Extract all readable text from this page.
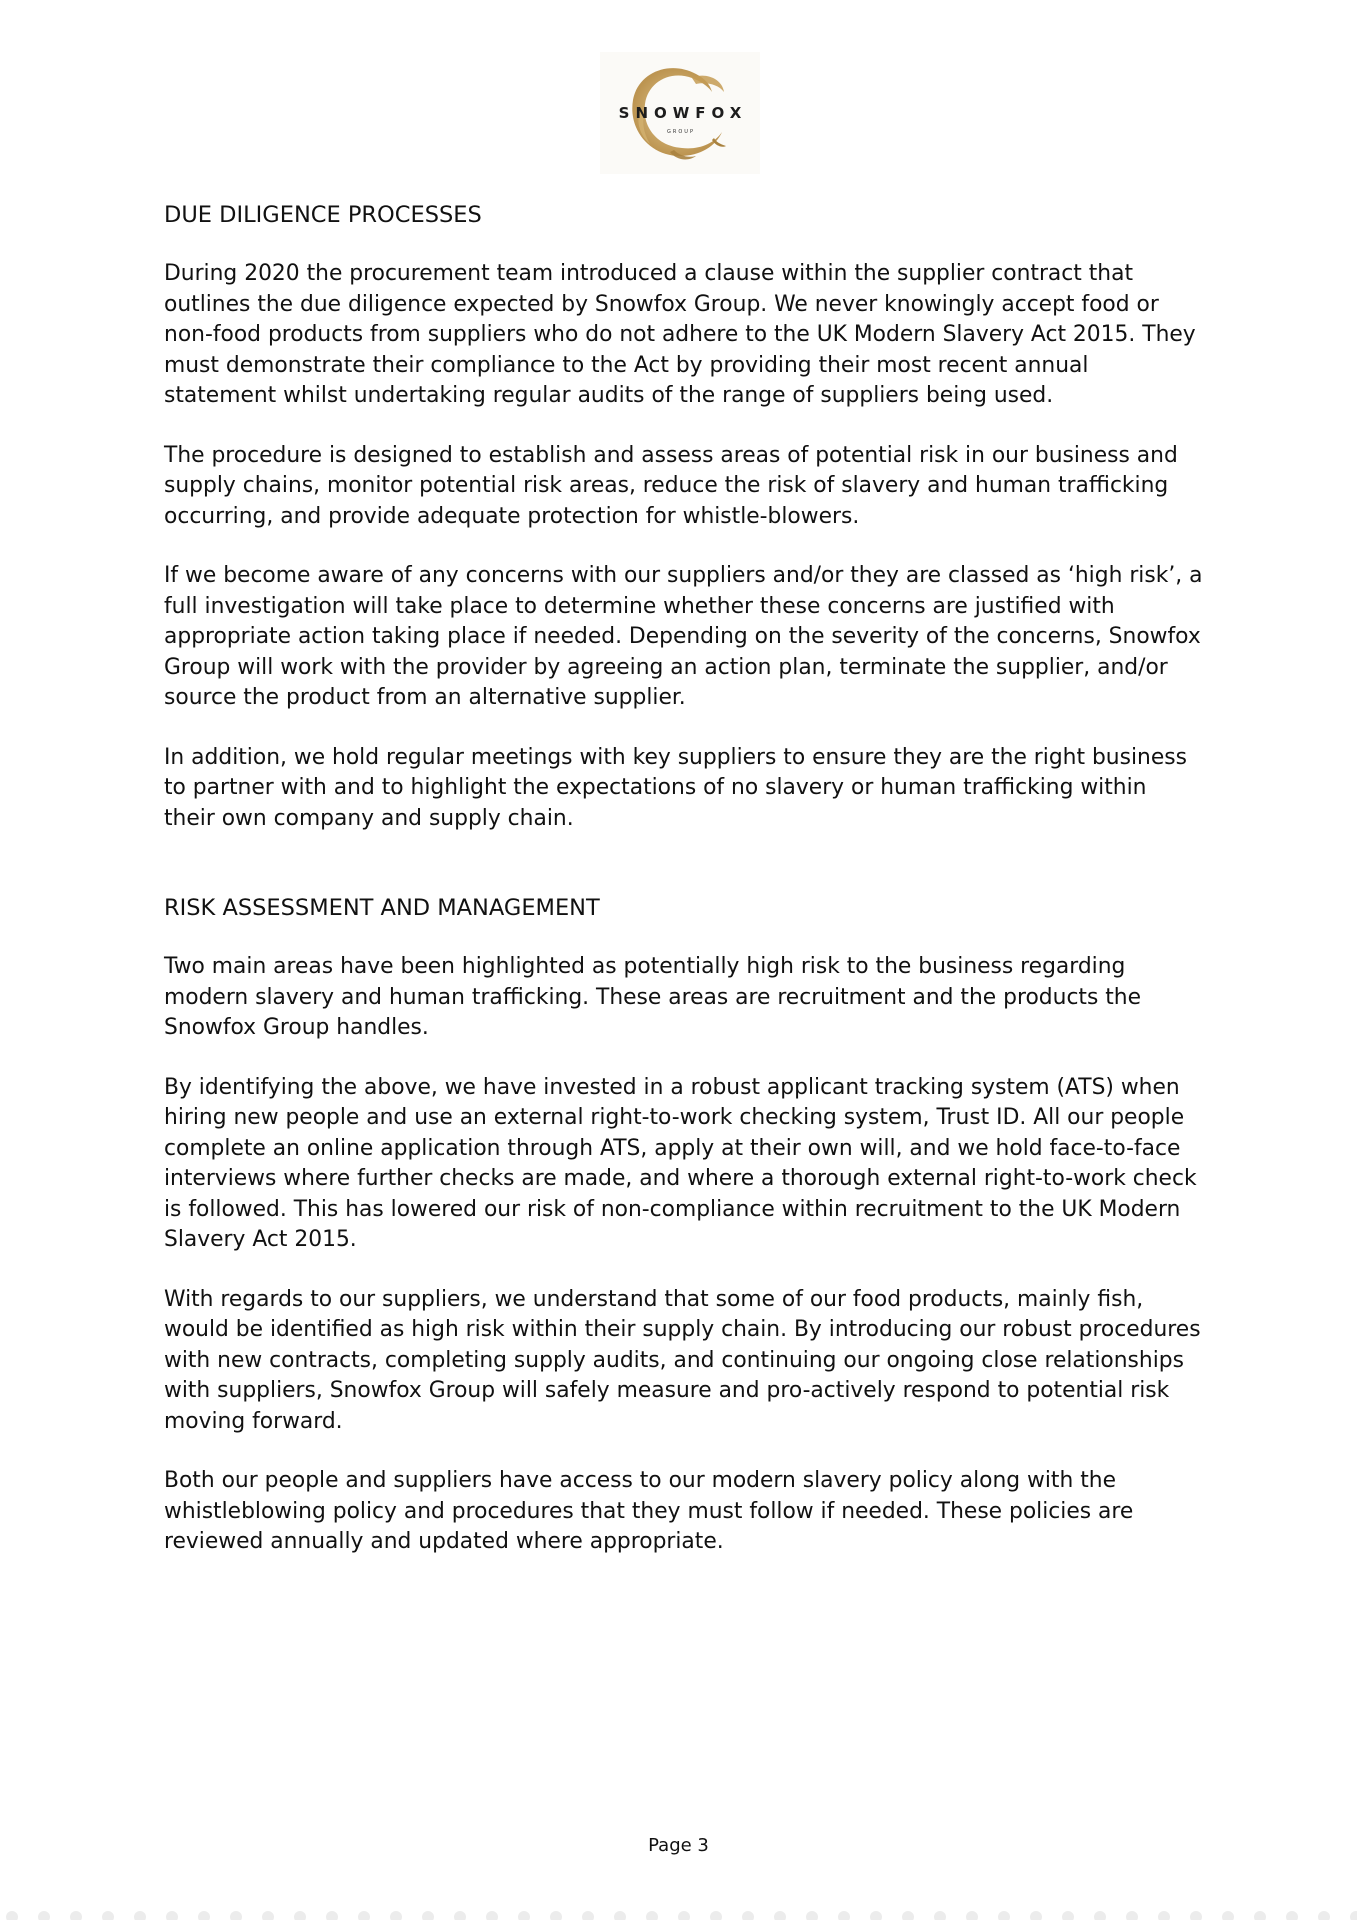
SNOWFOX
GROUP
DUE DILIGENCE PROCESSES

During 2020 the procurement team introduced a clause within the supplier contract that outlines the due diligence expected by Snowfox Group. We never knowingly accept food or non-food products from suppliers who do not adhere to the UK Modern Slavery Act 2015. They must demonstrate their compliance to the Act by providing their most recent annual statement whilst undertaking regular audits of the range of suppliers being used.

The procedure is designed to establish and assess areas of potential risk in our business and supply chains, monitor potential risk areas, reduce the risk of slavery and human trafficking occurring, and provide adequate protection for whistle-blowers.

If we become aware of any concerns with our suppliers and/or they are classed as ‘high risk’, a full investigation will take place to determine whether these concerns are justified with appropriate action taking place if needed. Depending on the severity of the concerns, Snowfox Group will work with the provider by agreeing an action plan, terminate the supplier, and/or source the product from an alternative supplier.

In addition, we hold regular meetings with key suppliers to ensure they are the right business to partner with and to highlight the expectations of no slavery or human trafficking within their own company and supply chain.

RISK ASSESSMENT AND MANAGEMENT

Two main areas have been highlighted as potentially high risk to the business regarding modern slavery and human trafficking. These areas are recruitment and the products the Snowfox Group handles.

By identifying the above, we have invested in a robust applicant tracking system (ATS) when hiring new people and use an external right-to-work checking system, Trust ID. All our people complete an online application through ATS, apply at their own will, and we hold face-to-face interviews where further checks are made, and where a thorough external right-to-work check is followed. This has lowered our risk of non-compliance within recruitment to the UK Modern Slavery Act 2015.

With regards to our suppliers, we understand that some of our food products, mainly fish, would be identified as high risk within their supply chain. By introducing our robust procedures with new contracts, completing supply audits, and continuing our ongoing close relationships with suppliers, Snowfox Group will safely measure and pro-actively respond to potential risk moving forward.

Both our people and suppliers have access to our modern slavery policy along with the whistleblowing policy and procedures that they must follow if needed. These policies are reviewed annually and updated where appropriate.

Page 3
